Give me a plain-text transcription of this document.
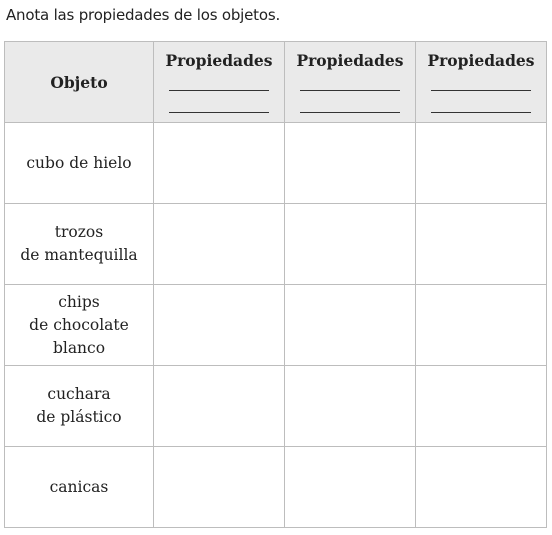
Anota las propiedades de los objetos.
Objeto	Propiedades	Propiedades	Propiedades

cubo de hielo			

trozos
de mantequilla			

chips
de chocolate
blanco			

cuchara
de plástico			

canicas			
